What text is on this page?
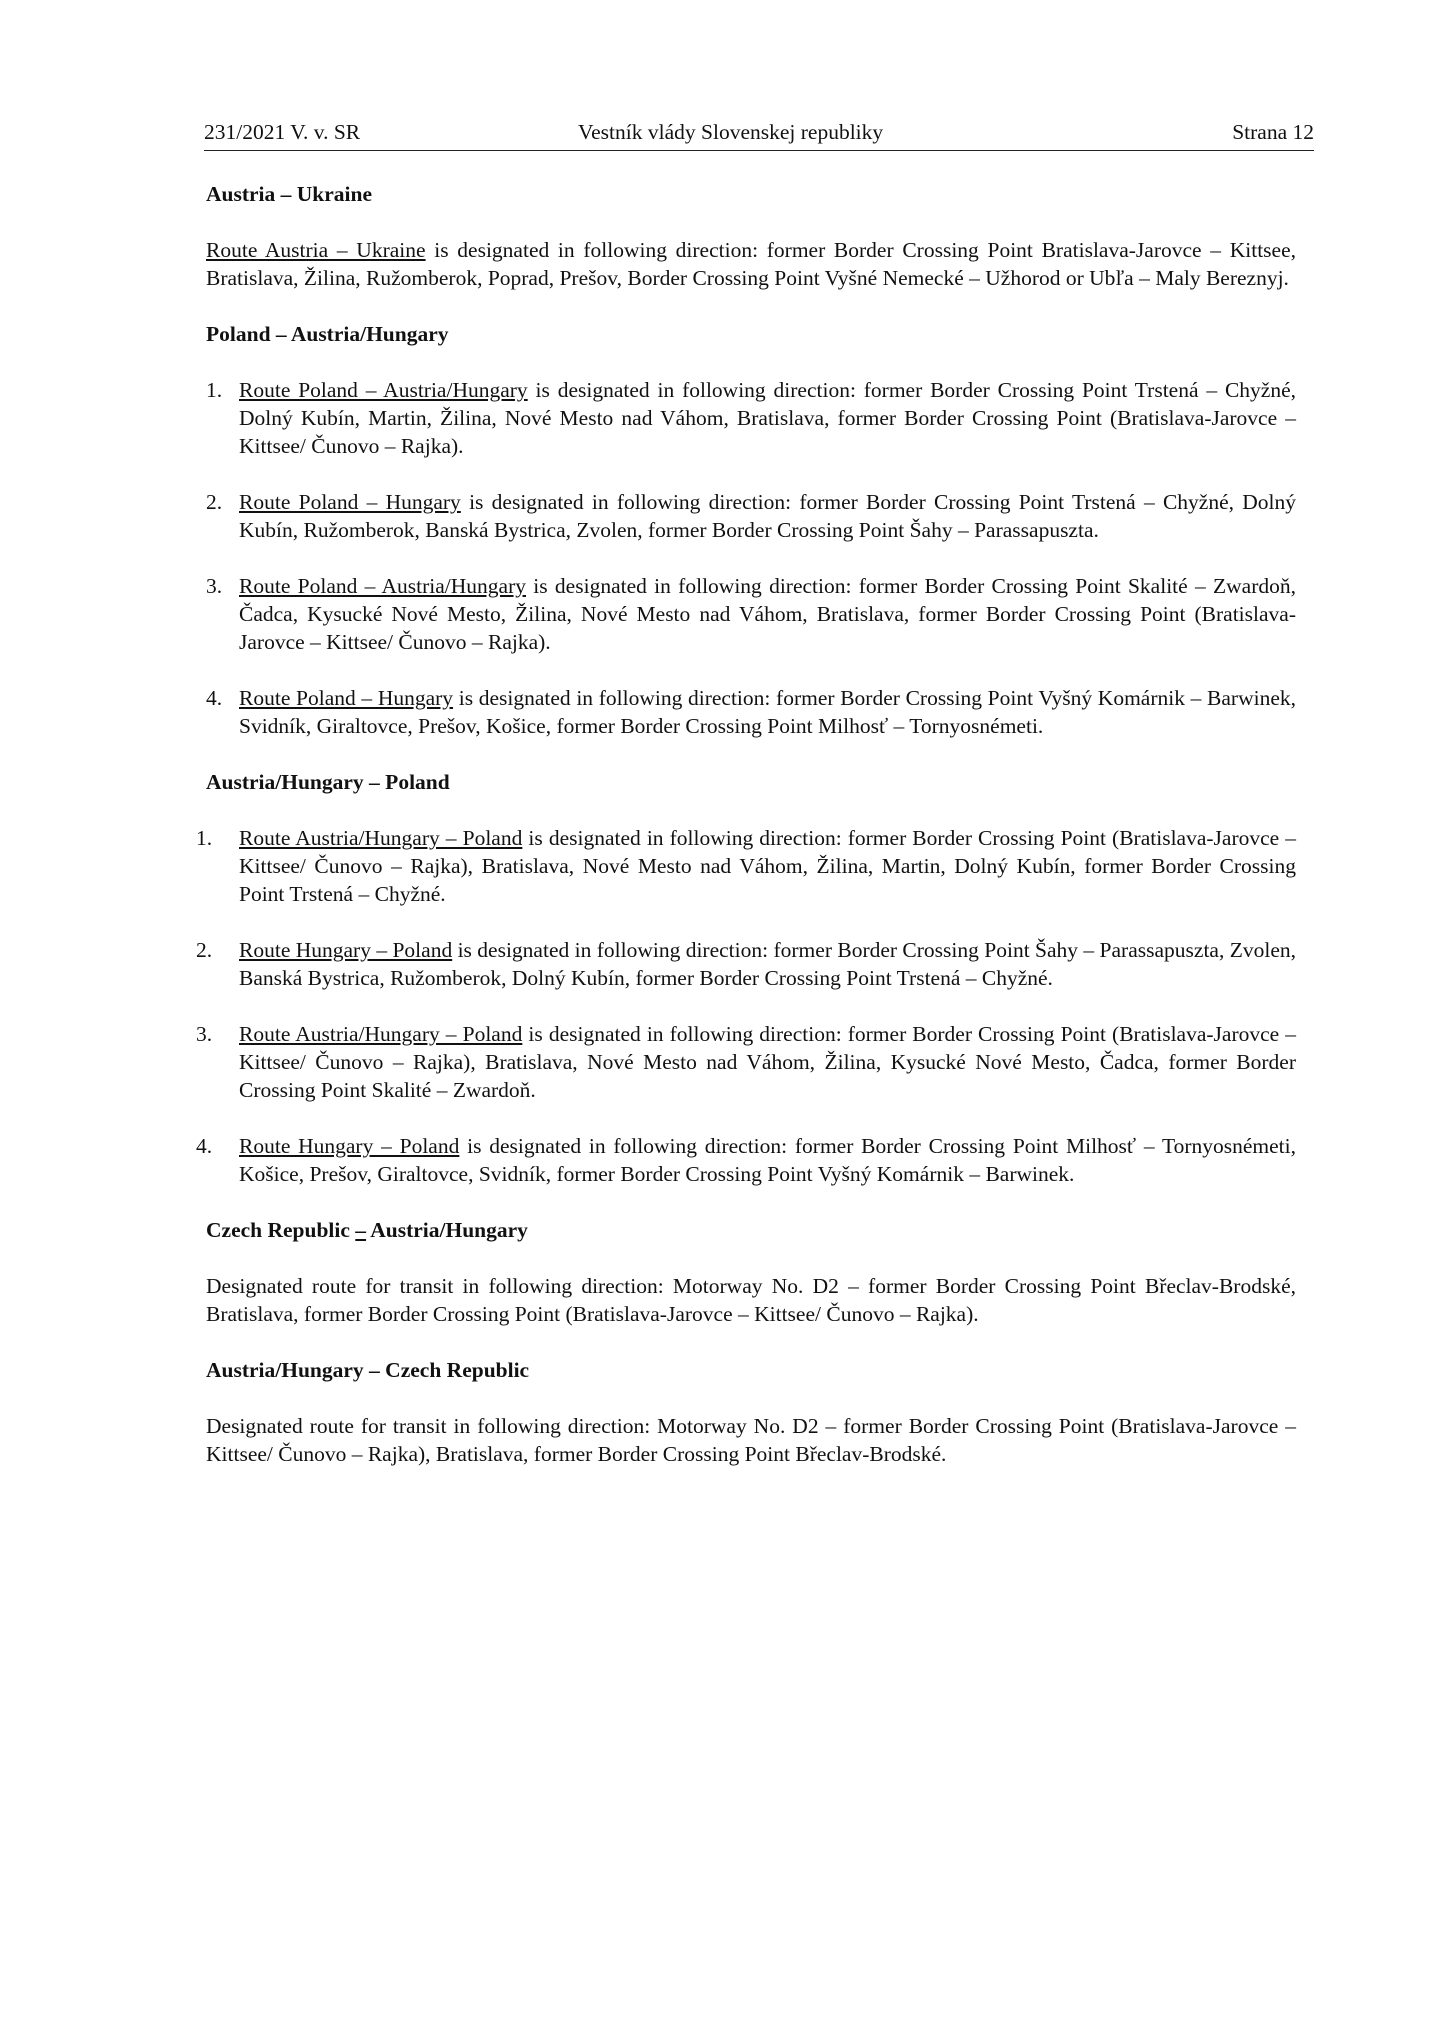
231/2021 V. v. SR	Vestník vlády Slovenskej republiky	Strana 12
Austria – Ukraine

Route Austria – Ukraine is designated in following direction: former Border Crossing Point Bratislava-Jarovce – Kittsee, Bratislava, Žilina, Ružomberok, Poprad, Prešov, Border Crossing Point Vyšné Nemecké – Užhorod or Ubľa – Maly Bereznyj.

Poland – Austria/Hungary
1. Route Poland – Austria/Hungary is designated in following direction: former Border Crossing Point Trstená – Chyžné, Dolný Kubín, Martin, Žilina, Nové Mesto nad Váhom, Bratislava, former Border Crossing Point (Bratislava-Jarovce – Kittsee/ Čunovo – Rajka).
2. Route Poland – Hungary is designated in following direction: former Border Crossing Point Trstená – Chyžné, Dolný Kubín, Ružomberok, Banská Bystrica, Zvolen, former Border Crossing Point Šahy – Parassapuszta.
3. Route Poland – Austria/Hungary is designated in following direction: former Border Crossing Point Skalité – Zwardoň, Čadca, Kysucké Nové Mesto, Žilina, Nové Mesto nad Váhom, Bratislava, former Border Crossing Point (Bratislava-Jarovce – Kittsee/ Čunovo – Rajka).
4. Route Poland – Hungary is designated in following direction: former Border Crossing Point Vyšný Komárnik – Barwinek, Svidník, Giraltovce, Prešov, Košice, former Border Crossing Point Milhosť – Tornyosnémeti.
Austria/Hungary – Poland
1. Route Austria/Hungary – Poland is designated in following direction: former Border Crossing Point (Bratislava-Jarovce – Kittsee/ Čunovo – Rajka), Bratislava, Nové Mesto nad Váhom, Žilina, Martin, Dolný Kubín, former Border Crossing Point Trstená – Chyžné.
2. Route Hungary – Poland is designated in following direction: former Border Crossing Point Šahy – Parassapuszta, Zvolen, Banská Bystrica, Ružomberok, Dolný Kubín, former Border Crossing Point Trstená – Chyžné.
3. Route Austria/Hungary – Poland is designated in following direction: former Border Crossing Point (Bratislava-Jarovce – Kittsee/ Čunovo – Rajka), Bratislava, Nové Mesto nad Váhom, Žilina, Kysucké Nové Mesto, Čadca, former Border Crossing Point Skalité – Zwardoň.
4. Route Hungary – Poland is designated in following direction: former Border Crossing Point Milhosť – Tornyosnémeti, Košice, Prešov, Giraltovce, Svidník, former Border Crossing Point Vyšný Komárnik – Barwinek.
Czech Republic – Austria/Hungary

Designated route for transit in following direction: Motorway No. D2 – former Border Crossing Point Břeclav-Brodské, Bratislava, former Border Crossing Point (Bratislava-Jarovce – Kittsee/ Čunovo – Rajka).

Austria/Hungary – Czech Republic

Designated route for transit in following direction: Motorway No. D2 – former Border Crossing Point (Bratislava-Jarovce – Kittsee/ Čunovo – Rajka), Bratislava, former Border Crossing Point Břeclav-Brodské.
